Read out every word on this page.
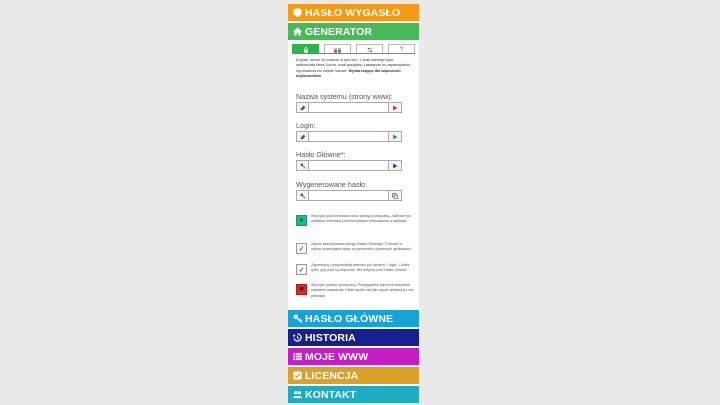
HASŁO WYGASŁO
GENERATOR
?
8 sylab, razem 14 znaków, w tym min. 1 znak każdego typu: wielka/mała litera, liczba, znak specjalny. Łatwiejsze do zapamiętania i wymówienia niż zwykłe losowe. Wystarczające dla większości użytkowników
Nazwa systemu (strony www):
Login:
Hasło Główne*:
Wygenerowane hasło:
●
Wyczyść pola formularza oraz pamięć podręczną. Zalecane po wpisaniu informacji przechowywane tymczasowo w aplikacji.
✓
Zapisz zaszyfrowaną wersję Hasła Głównego. Pomoże to wykryć potencjalne błędy w poprzednio używanych aplikacjach.
✓
Zapamiętuj i podpowiadaj wartości pól 'system' i 'login'. Działa tylko, gdy pola są włączone. Nie dotyczy pola Hasło Główne.
■
Wyczyść pamięć podręczną. Przeglądarka zapomni wszystkie zapisane ustawienia. Efekt będzie taki jak użycie aplikacji po raz pierwszy.
HASŁO GŁÓWNE
HISTORIA
MOJE WWW
LICENCJA
KONTAKT
